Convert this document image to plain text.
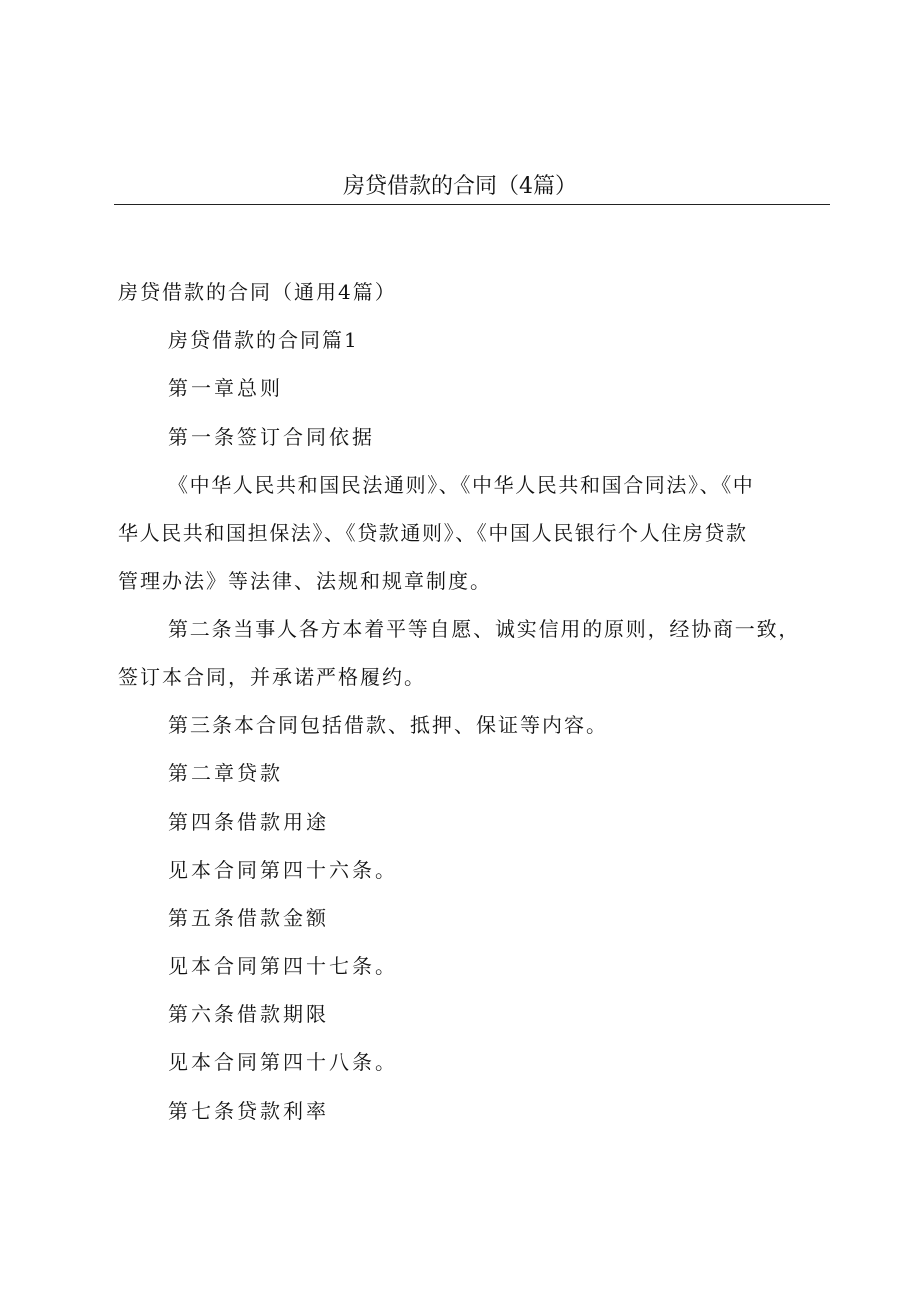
房贷借款的合同（4篇）
房贷借款的合同（通用4篇）
房贷借款的合同篇1
第一章总则
第一条签订合同依据
《中华人民共和国民法通则》、《中华人民共和国合同法》、《中
华人民共和国担保法》、《贷款通则》、《中国人民银行个人住房贷款
管理办法》等法律、法规和规章制度。
第二条当事人各方本着平等自愿、诚实信用的原则，经协商一致，
签订本合同，并承诺严格履约。
第三条本合同包括借款、抵押、保证等内容。
第二章贷款
第四条借款用途
见本合同第四十六条。
第五条借款金额
见本合同第四十七条。
第六条借款期限
见本合同第四十八条。
第七条贷款利率
